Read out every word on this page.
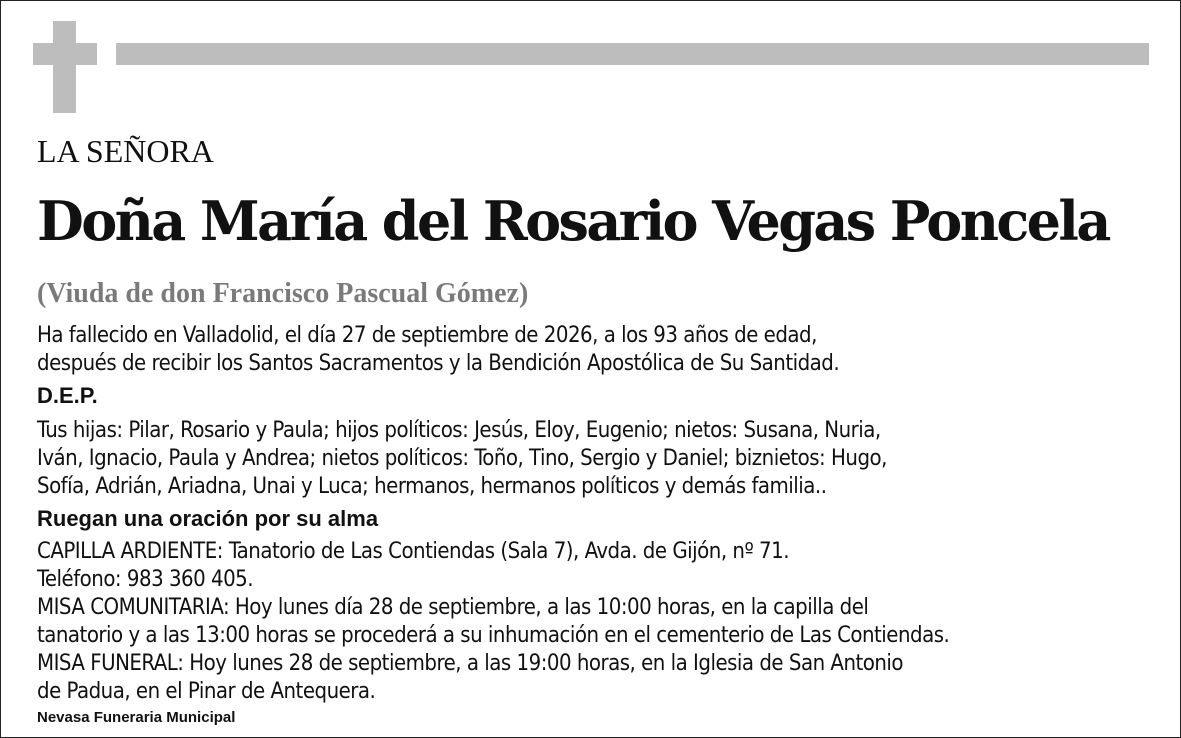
LA SEÑORA
Doña María del Rosario Vegas Poncela
(Viuda de don Francisco Pascual Gómez)
Ha fallecido en Valladolid, el día 27 de septiembre de 2026, a los 93 años de edad,
después de recibir los Santos Sacramentos y la Bendición Apostólica de Su Santidad.
D.E.P.
Tus hijas: Pilar, Rosario y Paula; hijos políticos: Jesús, Eloy, Eugenio; nietos: Susana, Nuria,
Iván, Ignacio, Paula y Andrea; nietos políticos: Toño, Tino, Sergio y Daniel; biznietos: Hugo,
Sofía, Adrián, Ariadna, Unai y Luca; hermanos, hermanos políticos y demás familia..
Ruegan una oración por su alma
CAPILLA ARDIENTE: Tanatorio de Las Contiendas (Sala 7), Avda. de Gijón, nº 71.
Teléfono: 983 360 405.
MISA COMUNITARIA: Hoy lunes día 28 de septiembre, a las 10:00 horas, en la capilla del
tanatorio y a las 13:00 horas se procederá a su inhumación en el cementerio de Las Contiendas.
MISA FUNERAL: Hoy lunes 28 de septiembre, a las 19:00 horas, en la Iglesia de San Antonio
de Padua, en el Pinar de Antequera.
Nevasa Funeraria Municipal
